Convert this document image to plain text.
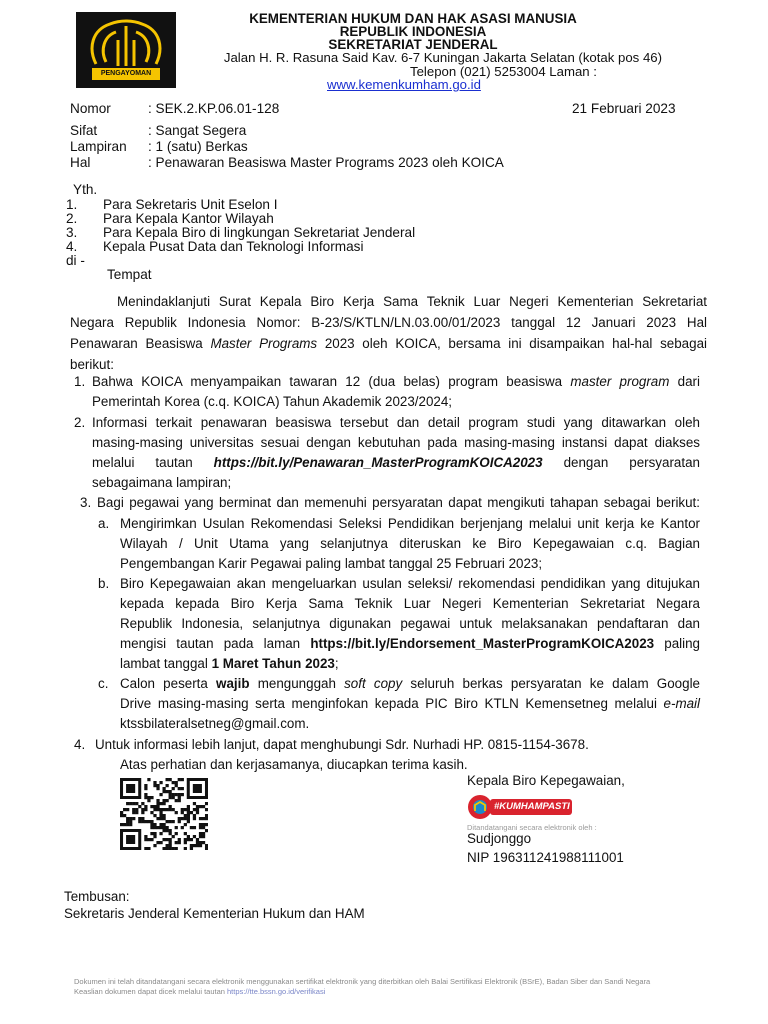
PENGAYOMAN
KEMENTERIAN HUKUM DAN HAK ASASI MANUSIA
REPUBLIK INDONESIA
SEKRETARIAT JENDERAL
Jalan H. R. Rasuna Said Kav. 6-7 Kuningan Jakarta Selatan (kotak pos 46)
Telepon (021) 5253004 Laman :
www.kemenkumham.go.id
Nomor	: SEK.2.KP.06.01-128	21 Februari 2023
Sifat	: Sangat Segera
Lampiran : 1 (satu) Berkas
Hal	: Penawaran Beasiswa Master Programs 2023 oleh KOICA
Yth.
1. Para Sekretaris Unit Eselon I
2. Para Kepala Kantor Wilayah
3. Para Kepala Biro di lingkungan Sekretariat Jenderal
4. Kepala Pusat Data dan Teknologi Informasi
di -
Tempat
Menindaklanjuti Surat Kepala Biro Kerja Sama Teknik Luar Negeri Kementerian Sekretariat
Negara Republik Indonesia Nomor: B-23/S/KTLN/LN.03.00/01/2023 tanggal 12 Januari 2023 Hal
Penawaran Beasiswa Master Programs 2023 oleh KOICA, bersama ini disampaikan hal-hal sebagai
berikut:
1. Bahwa KOICA menyampaikan tawaran 12 (dua belas) program beasiswa master program dari
Pemerintah Korea (c.q. KOICA) Tahun Akademik 2023/2024;
2. Informasi terkait penawaran beasiswa tersebut dan detail program studi yang ditawarkan oleh
masing-masing universitas sesuai dengan kebutuhan pada masing-masing instansi dapat diakses
melalui tautan https://bit.ly/Penawaran_MasterProgramKOICA2023 dengan persyaratan
sebagaimana lampiran;
3. Bagi pegawai yang berminat dan memenuhi persyaratan dapat mengikuti tahapan sebagai berikut:
a. Mengirimkan Usulan Rekomendasi Seleksi Pendidikan berjenjang melalui unit kerja ke Kantor
Wilayah / Unit Utama yang selanjutnya diteruskan ke Biro Kepegawaian c.q. Bagian
Pengembangan Karir Pegawai paling lambat tanggal 25 Februari 2023;
b. Biro Kepegawaian akan mengeluarkan usulan seleksi/ rekomendasi pendidikan yang ditujukan
kepada kepada Biro Kerja Sama Teknik Luar Negeri Kementerian Sekretariat Negara
Republik Indonesia, selanjutnya digunakan pegawai untuk melaksanakan pendaftaran dan
mengisi tautan pada laman https://bit.ly/Endorsement_MasterProgramKOICA2023 paling
lambat tanggal 1 Maret Tahun 2023;
c. Calon peserta wajib mengunggah soft copy seluruh berkas persyaratan ke dalam Google
Drive masing-masing serta menginfokan kepada PIC Biro KTLN Kemensetneg melalui e-mail
ktssbilateralsetneg@gmail.com.
4. Untuk informasi lebih lanjut, dapat menghubungi Sdr. Nurhadi HP. 0815-1154-3678.
Atas perhatian dan kerjasamanya, diucapkan terima kasih.
Kepala Biro Kepegawaian,
#KUMHAMPASTI
Ditandatangani secara elektronik oleh :
Sudjonggo
NIP 196311241988111001
Tembusan:
Sekretaris Jenderal Kementerian Hukum dan HAM
Dokumen ini telah ditandatangani secara elektronik menggunakan sertifikat elektronik yang diterbitkan oleh Balai Sertifikasi Elektronik (BSrE), Badan Siber dan Sandi Negara
Keaslian dokumen dapat dicek melalui tautan https://tte.bssn.go.id/verifikasi
